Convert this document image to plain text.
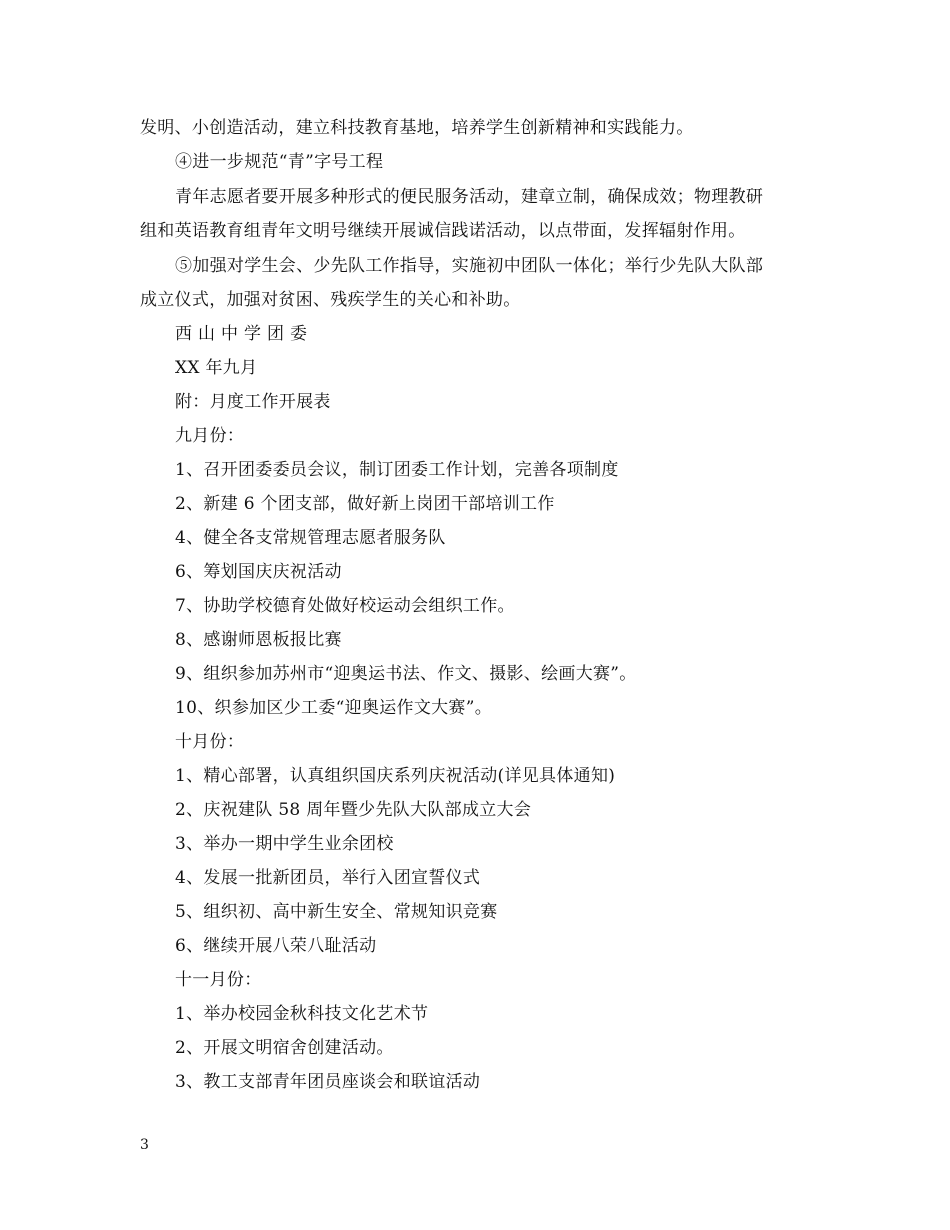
发明、小创造活动，建立科技教育基地，培养学生创新精神和实践能力。
④进一步规范“青”字号工程
青年志愿者要开展多种形式的便民服务活动，建章立制，确保成效；物理教研
组和英语教育组青年文明号继续开展诚信践诺活动，以点带面，发挥辐射作用。
⑤加强对学生会、少先队工作指导，实施初中团队一体化；举行少先队大队部
成立仪式，加强对贫困、残疾学生的关心和补助。
西 山 中 学 团 委
XX 年九月
附：月度工作开展表
九月份：
1、召开团委委员会议，制订团委工作计划，完善各项制度
2、新建 6 个团支部，做好新上岗团干部培训工作
4、健全各支常规管理志愿者服务队
6、筹划国庆庆祝活动
7、协助学校德育处做好校运动会组织工作。
8、感谢师恩板报比赛
9、组织参加苏州市“迎奥运书法、作文、摄影、绘画大赛”。
10、织参加区少工委“迎奥运作文大赛”。
十月份：
1、精心部署，认真组织国庆系列庆祝活动(详见具体通知)
2、庆祝建队 58 周年暨少先队大队部成立大会
3、举办一期中学生业余团校
4、发展一批新团员，举行入团宣誓仪式
5、组织初、高中新生安全、常规知识竞赛
6、继续开展八荣八耻活动
十一月份：
1、举办校园金秋科技文化艺术节
2、开展文明宿舍创建活动。
3、教工支部青年团员座谈会和联谊活动
3
